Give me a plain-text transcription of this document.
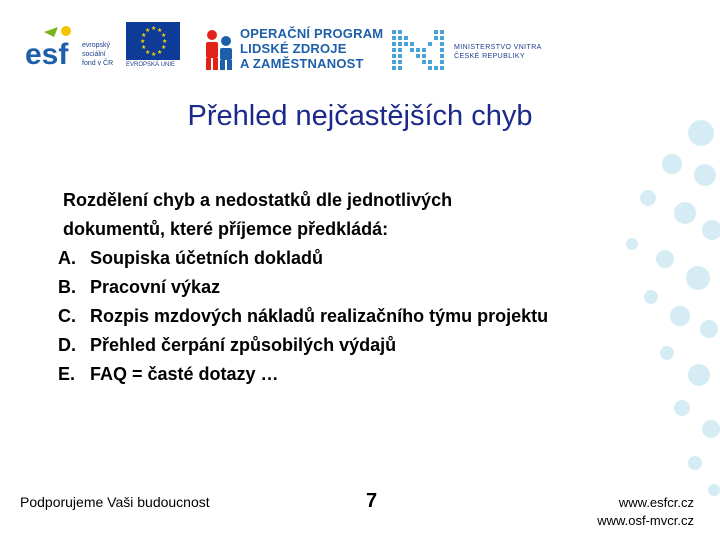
esf evropský
sociální
fond v ČR
★ ★
★
★
★
★
★
★
★
★
★
★
EVROPSKÁ UNIE
OPERAČNÍ PROGRAM
LIDSKÉ ZDROJE
A ZAMĚSTNANOST
MINISTERSTVO VNITRA
ČESKÉ REPUBLIKY
Přehled nejčastějších chyb
Rozdělení chyb a nedostatků dle jednotlivých
dokumentů, které příjemce předkládá:
A. Soupiska účetních dokladů
B. Pracovní výkaz
C. Rozpis mzdových nákladů realizačního týmu projektu
D. Přehled čerpání způsobilých výdajů
E. FAQ = časté dotazy …
Podporujeme Vaši budoucnost	7	www.esfcr.cz
www.osf-mvcr.cz
